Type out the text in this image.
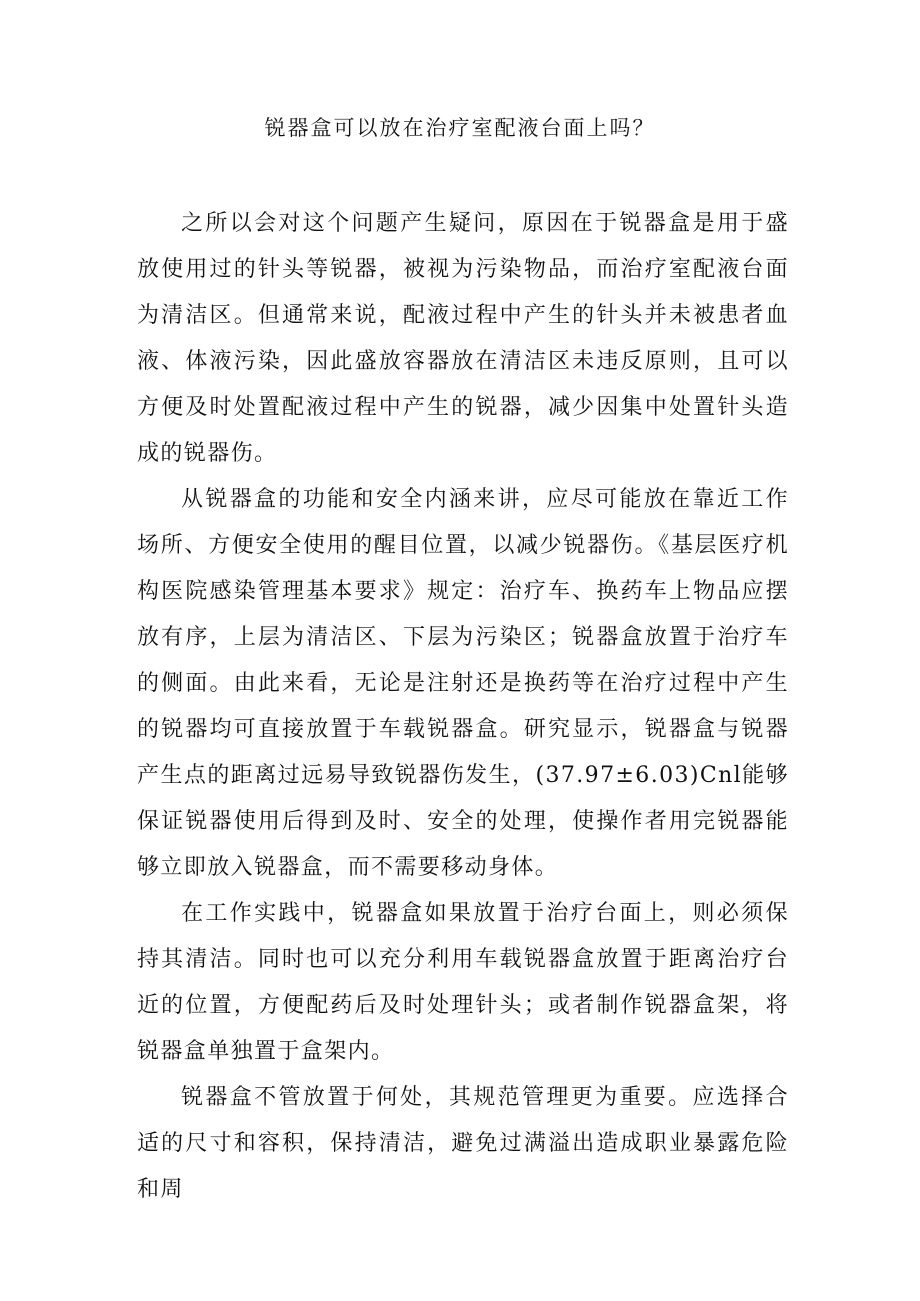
锐器盒可以放在治疗室配液台面上吗？

之所以会对这个问题产生疑问，原因在于锐器盒是用于盛放使用过的针头等锐器，被视为污染物品，而治疗室配液台面为清洁区。但通常来说，配液过程中产生的针头并未被患者血液、体液污染，因此盛放容器放在清洁区未违反原则，且可以方便及时处置配液过程中产生的锐器，减少因集中处置针头造成的锐器伤。

从锐器盒的功能和安全内涵来讲，应尽可能放在靠近工作场所、方便安全使用的醒目位置，以减少锐器伤。《基层医疗机构医院感染管理基本要求》规定：治疗车、换药车上物品应摆放有序，上层为清洁区、下层为污染区；锐器盒放置于治疗车的侧面。由此来看，无论是注射还是换药等在治疗过程中产生的锐器均可直接放置于车载锐器盒。研究显示，锐器盒与锐器产生点的距离过远易导致锐器伤发生，(37.97±6.03)Cnl能够保证锐器使用后得到及时、安全的处理，使操作者用完锐器能够立即放入锐器盒，而不需要移动身体。

在工作实践中，锐器盒如果放置于治疗台面上，则必须保持其清洁。同时也可以充分利用车载锐器盒放置于距离治疗台近的位置，方便配药后及时处理针头；或者制作锐器盒架，将锐器盒单独置于盒架内。

锐器盒不管放置于何处，其规范管理更为重要。应选择合适的尺寸和容积，保持清洁，避免过满溢出造成职业暴露危险和周
